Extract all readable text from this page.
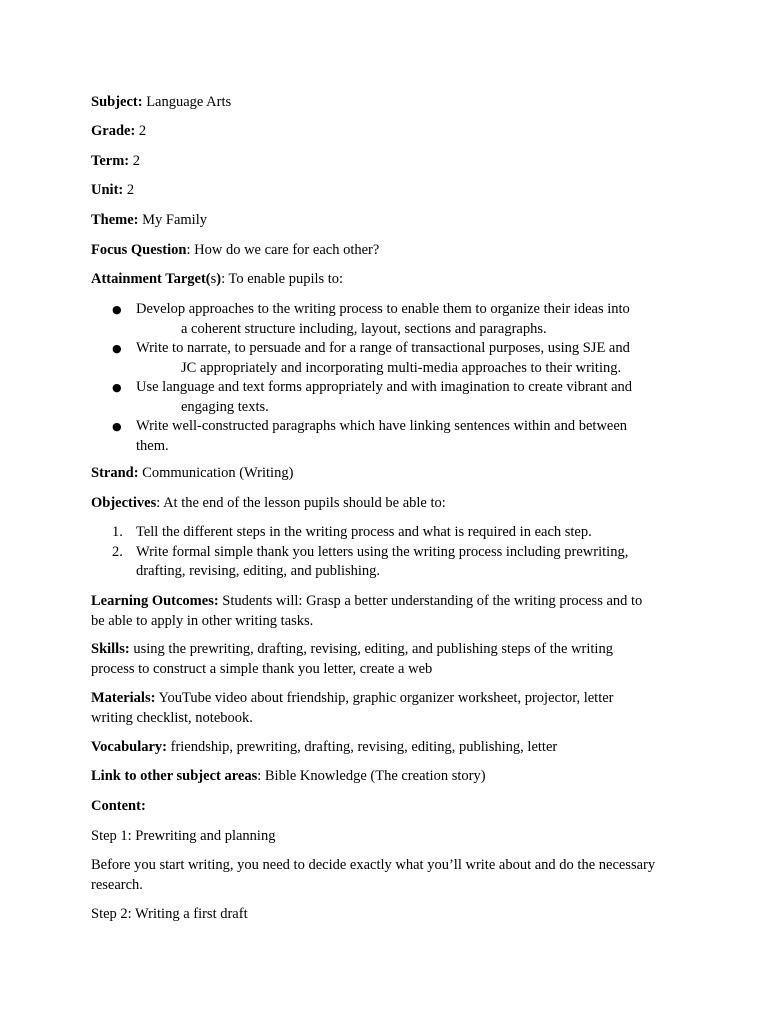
Subject: Language Arts

Grade: 2

Term: 2

Unit: 2

Theme: My Family

Focus Question: How do we care for each other?

Attainment Target(s): To enable pupils to:

● Develop approaches to the writing process to enable them to organize their ideas into
a coherent structure including, layout, sections and paragraphs.
● Write to narrate, to persuade and for a range of transactional purposes, using SJE and
JC appropriately and incorporating multi-media approaches to their writing.
● Use language and text forms appropriately and with imagination to create vibrant and
engaging texts.
● Write well-constructed paragraphs which have linking sentences within and between
them.

Strand: Communication (Writing)

Objectives: At the end of the lesson pupils should be able to:

1. Tell the different steps in the writing process and what is required in each step.
2. Write formal simple thank you letters using the writing process including prewriting,
drafting, revising, editing, and publishing.

Learning Outcomes: Students will: Grasp a better understanding of the writing process and to
be able to apply in other writing tasks.

Skills: using the prewriting, drafting, revising, editing, and publishing steps of the writing
process to construct a simple thank you letter, create a web

Materials: YouTube video about friendship, graphic organizer worksheet, projector, letter
writing checklist, notebook.

Vocabulary: friendship, prewriting, drafting, revising, editing, publishing, letter

Link to other subject areas: Bible Knowledge (The creation story)

Content:

Step 1: Prewriting and planning

Before you start writing, you need to decide exactly what you’ll write about and do the necessary
research.

Step 2: Writing a first draft
